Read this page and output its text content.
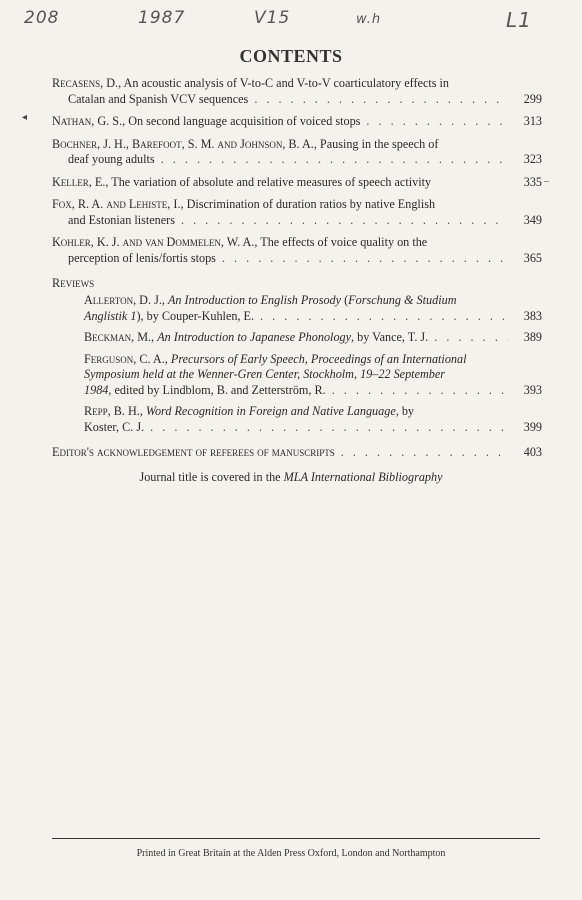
208	1987	V15	w.h	L1
CONTENTS
Recasens, D., An acoustic analysis of V-to-C and V-to-V coarticulatory effects in
Catalan and Spanish VCV sequences . . .	299
Nathan, G. S., On second language acquisition of voiced stops . . .	313
Bochner, J. H., Barefoot, S. M. and Johnson, B. A., Pausing in the speech of
deaf young adults . . .	323
Keller, E., The variation of absolute and relative measures of speech activity	335
Fox, R. A. and Lehiste, I., Discrimination of duration ratios by native English
and Estonian listeners . . .	349
Kohler, K. J. and van Dommelen, W. A., The effects of voice quality on the
perception of lenis/fortis stops . . .	365
Reviews
Allerton, D. J., An Introduction to English Prosody (Forschung & Studium
Anglistik 1), by Couper-Kuhlen, E. . . .	383
Beckman, M., An Introduction to Japanese Phonology, by Vance, T. J. . . .	389
Ferguson, C. A., Precursors of Early Speech, Proceedings of an International
Symposium held at the Wenner-Gren Center, Stockholm, 19–22 September
1984, edited by Lindblom, B. and Zetterström, R. . . .	393
Repp, B. H., Word Recognition in Foreign and Native Language, by
Koster, C. J. . . .	399
Editor's acknowledgement of referees of manuscripts . . .	403
Journal title is covered in the MLA International Bibliography
◂
–
Printed in Great Britain at the Alden Press Oxford, London and Northampton
